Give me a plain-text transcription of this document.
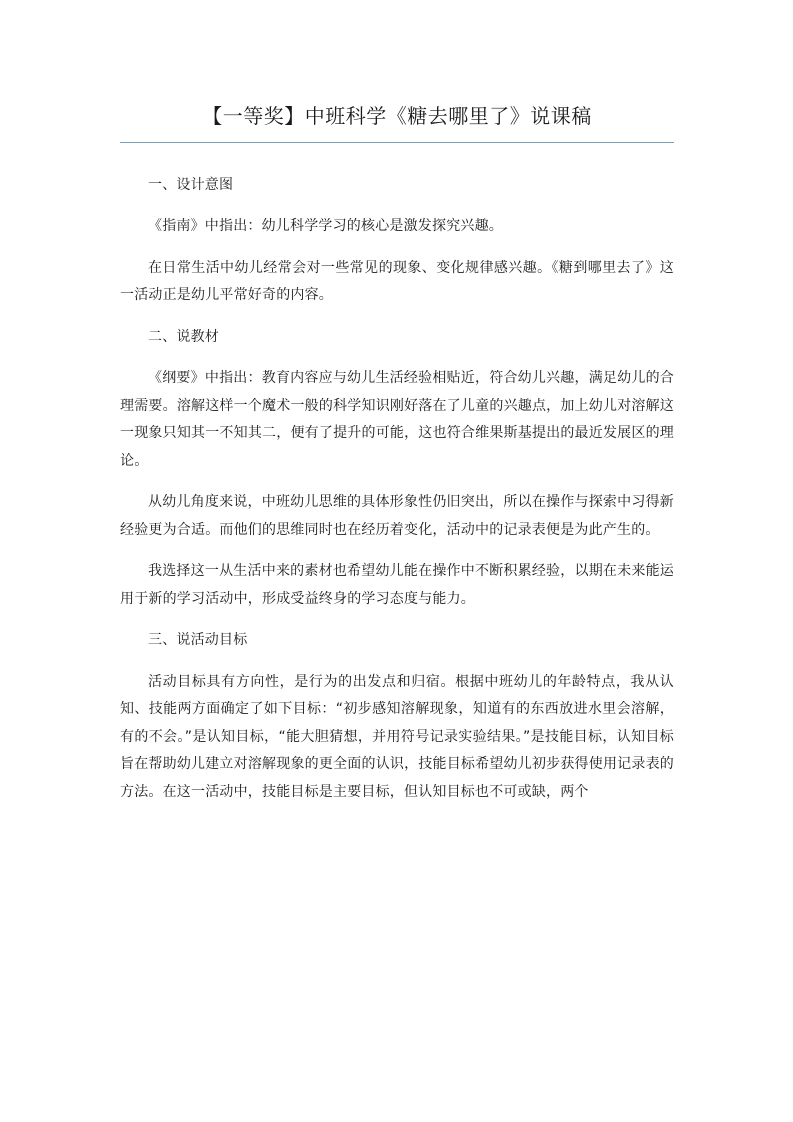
【一等奖】中班科学《糖去哪里了》说课稿

一、设计意图

《指南》中指出：幼儿科学学习的核心是激发探究兴趣。

在日常生活中幼儿经常会对一些常见的现象、变化规律感兴趣。《糖到哪里去了》这一活动正是幼儿平常好奇的内容。

二、说教材

《纲要》中指出：教育内容应与幼儿生活经验相贴近，符合幼儿兴趣，满足幼儿的合理需要。溶解这样一个魔术一般的科学知识刚好落在了儿童的兴趣点，加上幼儿对溶解这一现象只知其一不知其二，便有了提升的可能，这也符合维果斯基提出的最近发展区的理论。

从幼儿角度来说，中班幼儿思维的具体形象性仍旧突出，所以在操作与探索中习得新经验更为合适。而他们的思维同时也在经历着变化，活动中的记录表便是为此产生的。

我选择这一从生活中来的素材也希望幼儿能在操作中不断积累经验，以期在未来能运用于新的学习活动中，形成受益终身的学习态度与能力。

三、说活动目标

活动目标具有方向性，是行为的出发点和归宿。根据中班幼儿的年龄特点，我从认知、技能两方面确定了如下目标：“初步感知溶解现象，知道有的东西放进水里会溶解，有的不会。”是认知目标，“能大胆猜想，并用符号记录实验结果。”是技能目标，认知目标旨在帮助幼儿建立对溶解现象的更全面的认识，技能目标希望幼儿初步获得使用记录表的方法。在这一活动中，技能目标是主要目标，但认知目标也不可或缺，两个
